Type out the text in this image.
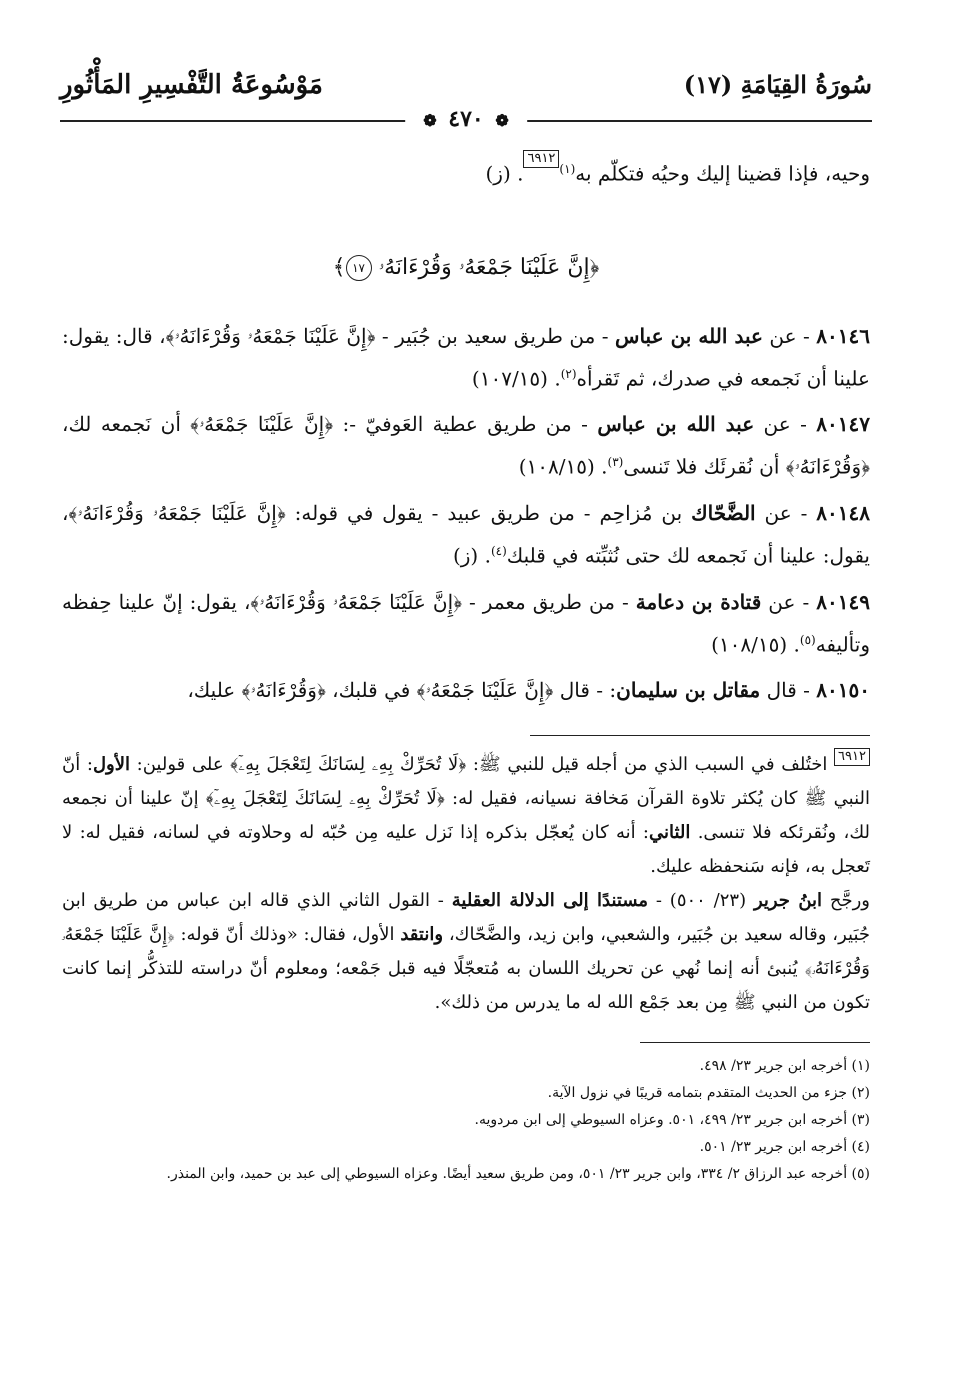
سُورَةُ القِيَامَةِ (١٧)
مَوْسُوعَةُ التَّفْسِيرِ المَأْثُورِ
❁ ٤٧٠ ❁
وحيه، فإذا قضينا إليك وحيُه فتكلّم به$^{(١)}$٦٩١٢. (ز)
﴿إِنَّ عَلَيْنَا جَمْعَهُۥ وَقُرْءَانَهُۥ ١٧﴾
٨٠١٤٦ - عن عبد الله بن عباس - من طريق سعيد بن جُبَير - ﴿إِنَّ عَلَيْنَا جَمْعَهُۥ وَقُرْءَانَهُۥ﴾، قال: يقول: علينا أن نَجمعه في صدرك، ثم تَقرأه$^{(٢)}$. (١٠٧/١٥)
٨٠١٤٧ - عن عبد الله بن عباس - من طريق عطية العَوفيّ -: ﴿إِنَّ عَلَيْنَا جَمْعَهُۥ﴾ أن نَجمعه لك، ﴿وَقُرْءَانَهُۥ﴾ أن نُقرئَك فلا تَنسى$^{(٣)}$. (١٠٨/١٥)
٨٠١٤٨ - عن الضَّحّاك بن مُزاحِم - من طريق عبيد - يقول في قوله: ﴿إِنَّ عَلَيْنَا جَمْعَهُۥ وَقُرْءَانَهُۥ﴾، يقول: علينا أن نَجمعه لك حتى نُثبِّته في قلبك$^{(٤)}$. (ز)
٨٠١٤٩ - عن قتادة بن دعامة - من طريق معمر - ﴿إِنَّ عَلَيْنَا جَمْعَهُۥ وَقُرْءَانَهُۥ﴾، يقول: إنّ علينا حِفظه وتأليفه$^{(٥)}$. (١٠٨/١٥)
٨٠١٥٠ - قال مقاتل بن سليمان: - قال ﴿إِنَّ عَلَيْنَا جَمْعَهُۥ﴾ في قلبك، ﴿وَقُرْءَانَهُۥ﴾ عليك،
٦٩١٢ اختُلف في السبب الذي من أجله قيل للنبي ﷺ: ﴿لَا تُحَرِّكْ بِهِۦ لِسَانَكَ لِتَعْجَلَ بِهِۦٓ﴾ على قولين: الأول: أنّ النبي ﷺ كان يُكثر تلاوة القرآن مَخافة نسيانه، فقيل له: ﴿لَا تُحَرِّكْ بِهِۦ لِسَانَكَ لِتَعْجَلَ بِهِۦٓ﴾ إنّ علينا أن نجمعه لك، ونُقرئكه فلا تنسى. الثاني: أنه كان يُعجّل بذكره إذا نَزل عليه مِن حُبّه له وحلاوته في لسانه، فقيل له: لا تَعجل به، فإنه سَنحفظه عليك.
ورجَّح ابنُ جرير (٢٣/ ٥٠٠) - مستندًا إلى الدلالة العقلية - القول الثاني الذي قاله ابن عباس من طريق ابن جُبَير، وقاله سعيد بن جُبَير، والشعبي، وابن زيد، والضَّحّاك، وانتقد الأول، فقال: «وذلك أنّ قوله: ﴿إِنَّ عَلَيْنَا جَمْعَهُۥ وَقُرْءَانَهُۥ﴾ يُنبئ أنه إنما نُهي عن تحريك اللسان به مُتعجّلًا فيه قبل جَمْعه؛ ومعلوم أنّ دراسته للتذكُّر إنما كانت تكون من النبي ﷺ مِن بعد جَمْع الله له ما يدرس من ذلك».

(١) أخرجه ابن جرير ٢٣/ ٤٩٨.

(٢) جزء من الحديث المتقدم بتمامه قريبًا في نزول الآية.

(٣) أخرجه ابن جرير ٢٣/ ٤٩٩، ٥٠١. وعزاه السيوطي إلى ابن مردويه.

(٤) أخرجه ابن جرير ٢٣/ ٥٠١.

(٥) أخرجه عبد الرزاق ٢/ ٣٣٤، وابن جرير ٢٣/ ٥٠١، ومن طريق سعيد أيضًا. وعزاه السيوطي إلى عبد بن حميد، وابن المنذر.
